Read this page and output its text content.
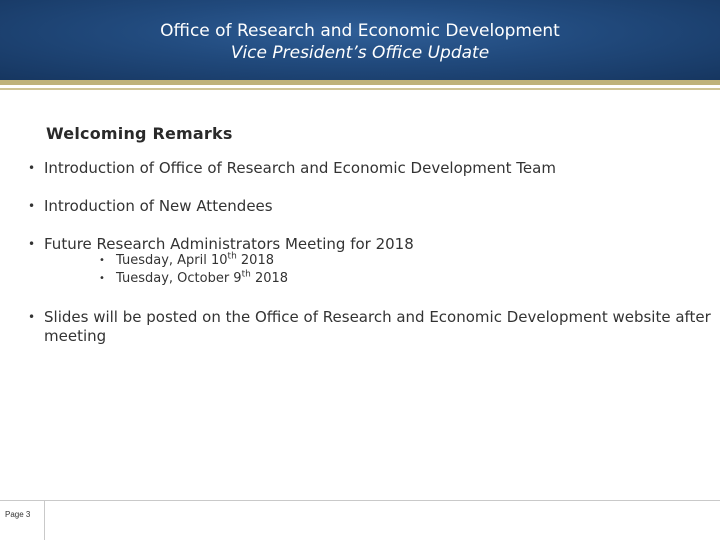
Office of Research and Economic Development
Vice President’s Office Update
Welcoming Remarks
• Introduction of Office of Research and Economic Development Team
• Introduction of New Attendees
• Future Research Administrators Meeting for 2018
• Tuesday, April 10th 2018
• Tuesday, October 9th 2018
• Slides will be posted on the Office of Research and Economic Development website after meeting
Page 3
